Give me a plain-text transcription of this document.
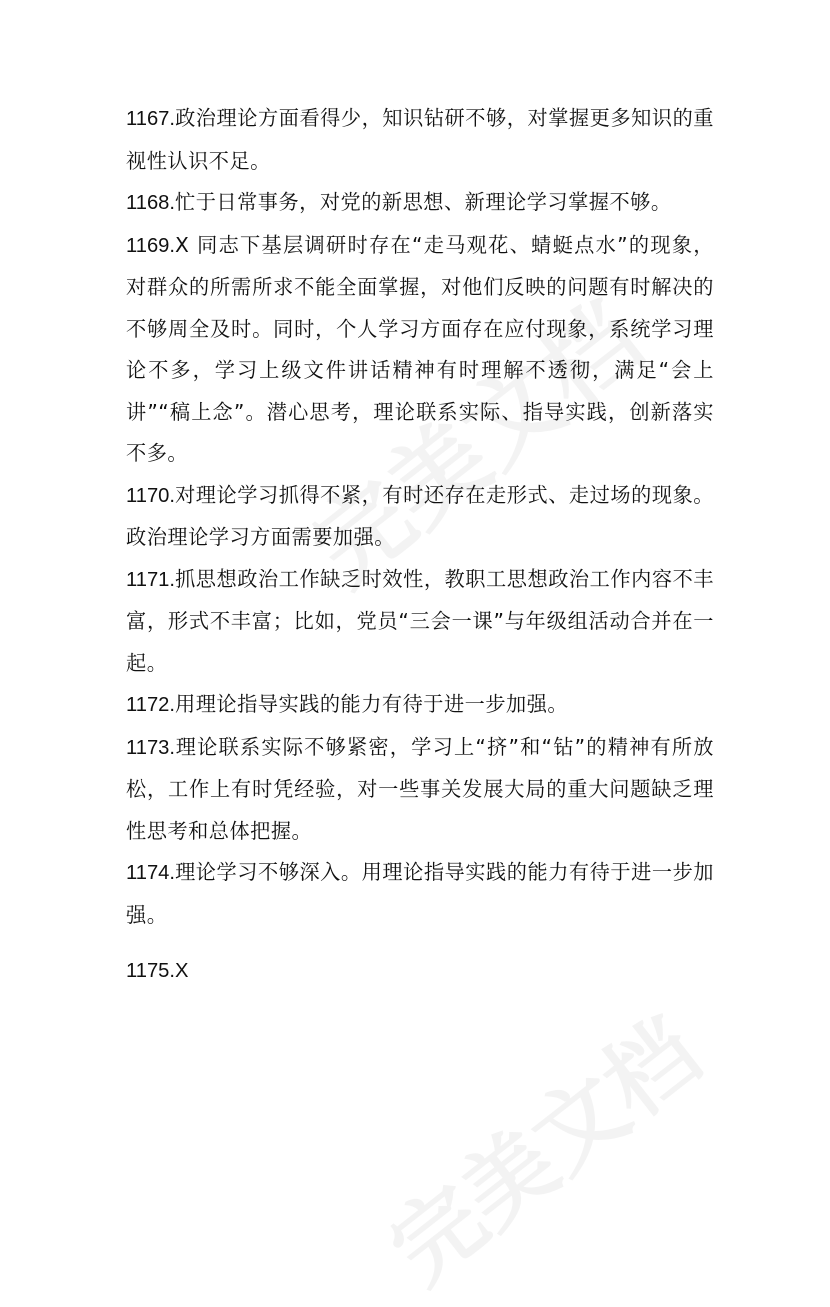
1167.政治理论方面看得少，知识钻研不够，对掌握更多知识的重视性认识不足。

1168.忙于日常事务，对党的新思想、新理论学习掌握不够。

1169.X 同志下基层调研时存在“走马观花、蜻蜓点水”的现象，对群众的所需所求不能全面掌握，对他们反映的问题有时解决的不够周全及时。同时，个人学习方面存在应付现象，系统学习理论不多，学习上级文件讲话精神有时理解不透彻，满足“会上讲”“稿上念”。潜心思考，理论联系实际、指导实践，创新落实不多。

1170.对理论学习抓得不紧，有时还存在走形式、走过场的现象。政治理论学习方面需要加强。

1171.抓思想政治工作缺乏时效性，教职工思想政治工作内容不丰富，形式不丰富；比如，党员“三会一课”与年级组活动合并在一起。

1172.用理论指导实践的能力有待于进一步加强。

1173.理论联系实际不够紧密，学习上“挤”和“钻”的精神有所放松，工作上有时凭经验，对一些事关发展大局的重大问题缺乏理性思考和总体把握。

1174.理论学习不够深入。用理论指导实践的能力有待于进一步加强。

1175.X
